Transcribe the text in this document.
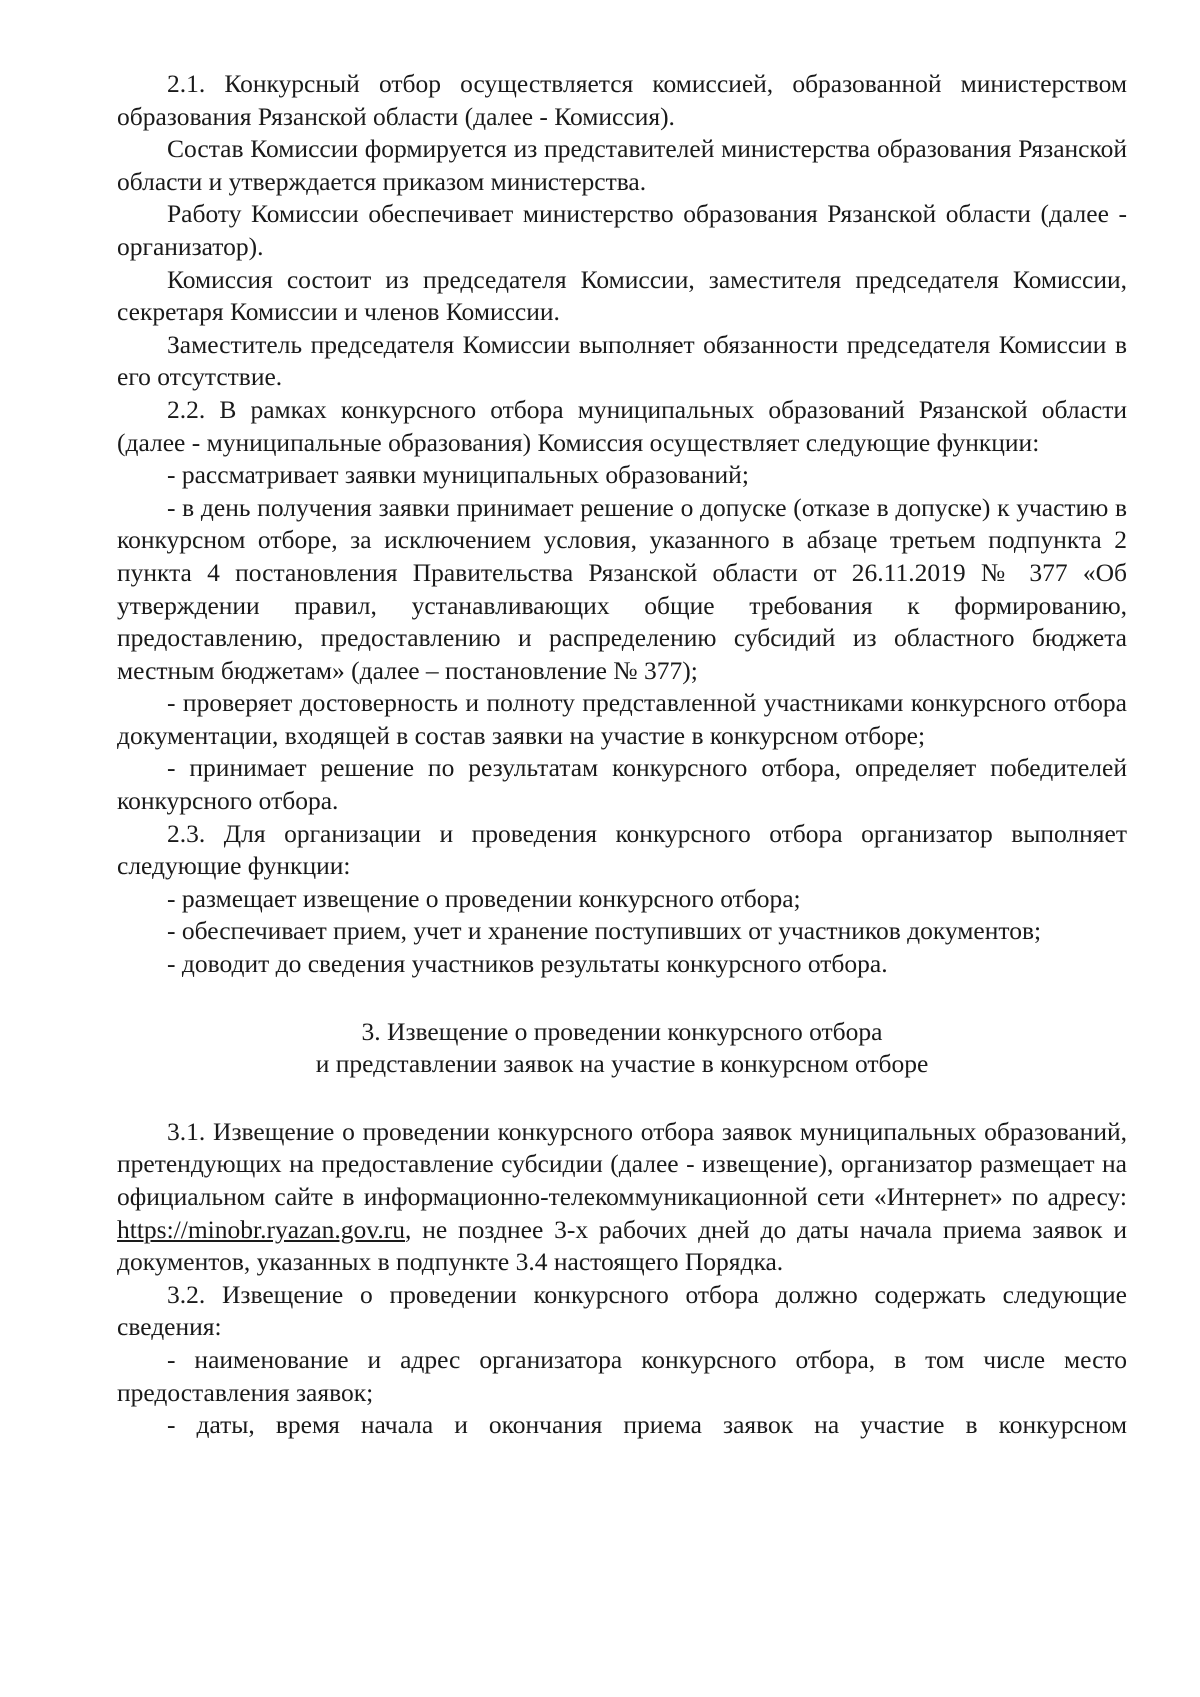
2.1. Конкурсный отбор осуществляется комиссией, образованной министерством образования Рязанской области (далее - Комиссия).

Состав Комиссии формируется из представителей министерства образования Рязанской области и утверждается приказом министерства.

Работу Комиссии обеспечивает министерство образования Рязанской области (далее - организатор).

Комиссия состоит из председателя Комиссии, заместителя председателя Комиссии, секретаря Комиссии и членов Комиссии.

Заместитель председателя Комиссии выполняет обязанности председателя Комиссии в его отсутствие.

2.2. В рамках конкурсного отбора муниципальных образований Рязанской области (далее - муниципальные образования) Комиссия осуществляет следующие функции:

- рассматривает заявки муниципальных образований;

- в день получения заявки принимает решение о допуске (отказе в допуске) к участию в конкурсном отборе, за исключением условия, указанного в абзаце третьем подпункта 2 пункта 4 постановления Правительства Рязанской области от 26.11.2019 № 377 «Об утверждении правил, устанавливающих общие требования к формированию, предоставлению, предоставлению и распределению субсидий из областного бюджета местным бюджетам» (далее – постановление № 377);

- проверяет достоверность и полноту представленной участниками конкурсного отбора документации, входящей в состав заявки на участие в конкурсном отборе;

- принимает решение по результатам конкурсного отбора, определяет победителей конкурсного отбора.

2.3. Для организации и проведения конкурсного отбора организатор выполняет следующие функции:

- размещает извещение о проведении конкурсного отбора;

- обеспечивает прием, учет и хранение поступивших от участников документов;

- доводит до сведения участников результаты конкурсного отбора.

3. Извещение о проведении конкурсного отбора

и представлении заявок на участие в конкурсном отборе

3.1. Извещение о проведении конкурсного отбора заявок муниципальных образований, претендующих на предоставление субсидии (далее - извещение), организатор размещает на официальном сайте в информационно-телекоммуникационной сети «Интернет» по адресу: https://minobr.ryazan.gov.ru, не позднее 3-х рабочих дней до даты начала приема заявок и документов, указанных в подпункте 3.4 настоящего Порядка.

3.2. Извещение о проведении конкурсного отбора должно содержать следующие сведения:

- наименование и адрес организатора конкурсного отбора, в том числе место предоставления заявок;

- даты, время начала и окончания приема заявок на участие в конкурсном
